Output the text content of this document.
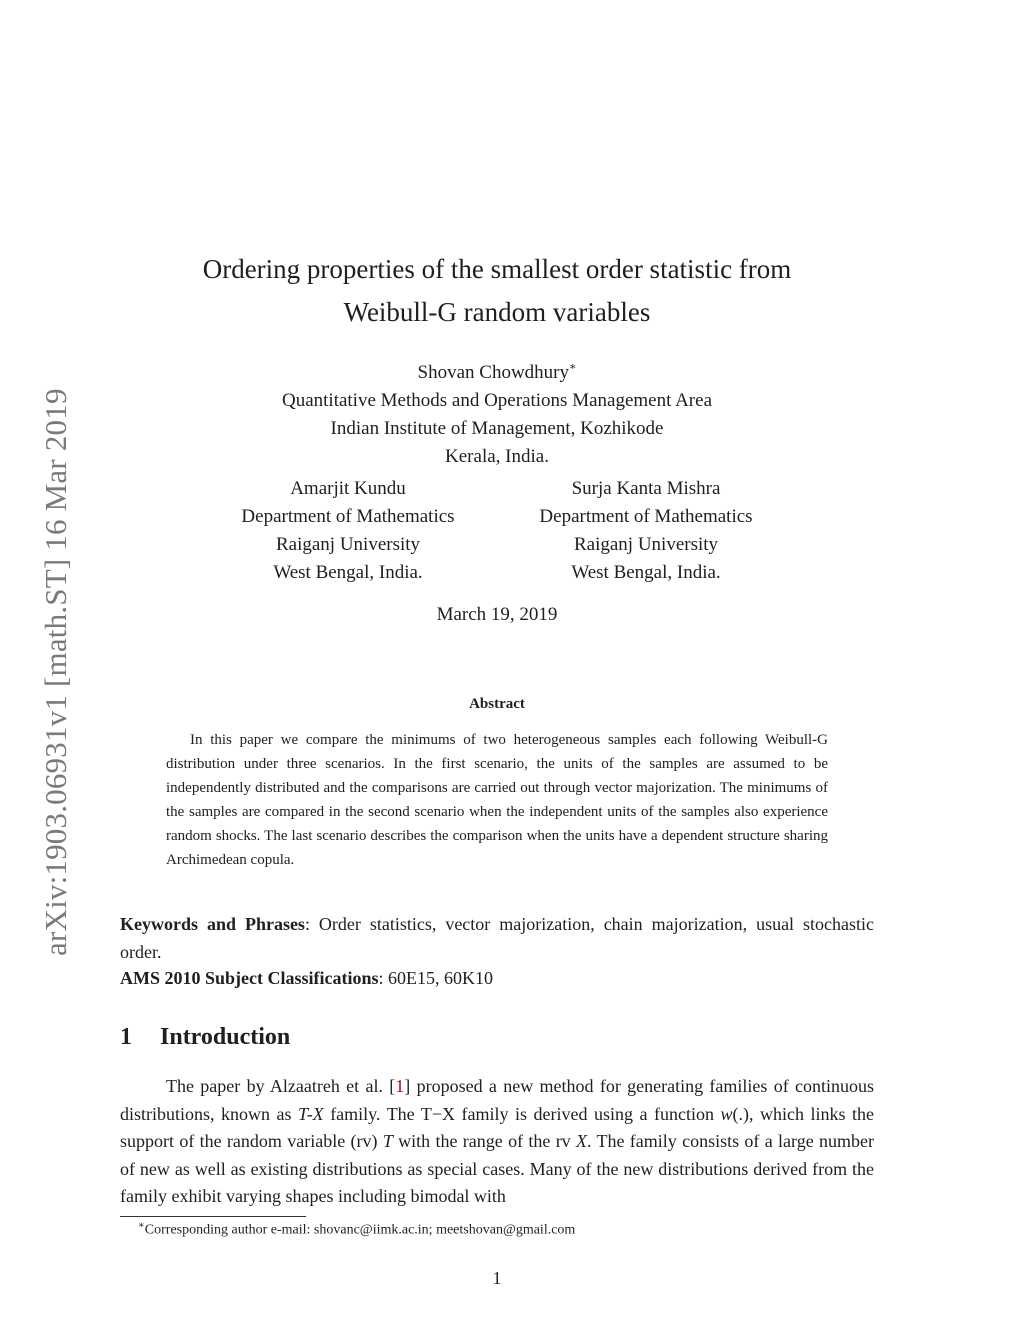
arXiv:1903.06931v1 [math.ST] 16 Mar 2019
Ordering properties of the smallest order statistic from
Weibull-G random variables
Shovan Chowdhury∗
Quantitative Methods and Operations Management Area
Indian Institute of Management, Kozhikode
Kerala, India.
Amarjit Kundu
Department of Mathematics
Raiganj University
West Bengal, India.
Surja Kanta Mishra
Department of Mathematics
Raiganj University
West Bengal, India.
March 19, 2019
Abstract
In this paper we compare the minimums of two heterogeneous samples each following Weibull-G distribution under three scenarios. In the first scenario, the units of the samples are assumed to be independently distributed and the comparisons are carried out through vector majorization. The minimums of the samples are compared in the second scenario when the independent units of the samples also experience random shocks. The last scenario describes the comparison when the units have a dependent structure sharing Archimedean copula.
Keywords and Phrases: Order statistics, vector majorization, chain majorization, usual stochastic order.
AMS 2010 Subject Classifications: 60E15, 60K10
1 Introduction
The paper by Alzaatreh et al. [1] proposed a new method for generating families of continuous distributions, known as T-X family. The T−X family is derived using a function w(.), which links the support of the random variable (rv) T with the range of the rv X. The family consists of a large number of new as well as existing distributions as special cases. Many of the new distributions derived from the family exhibit varying shapes including bimodal with
∗Corresponding author e-mail: shovanc@iimk.ac.in; meetshovan@gmail.com
1
